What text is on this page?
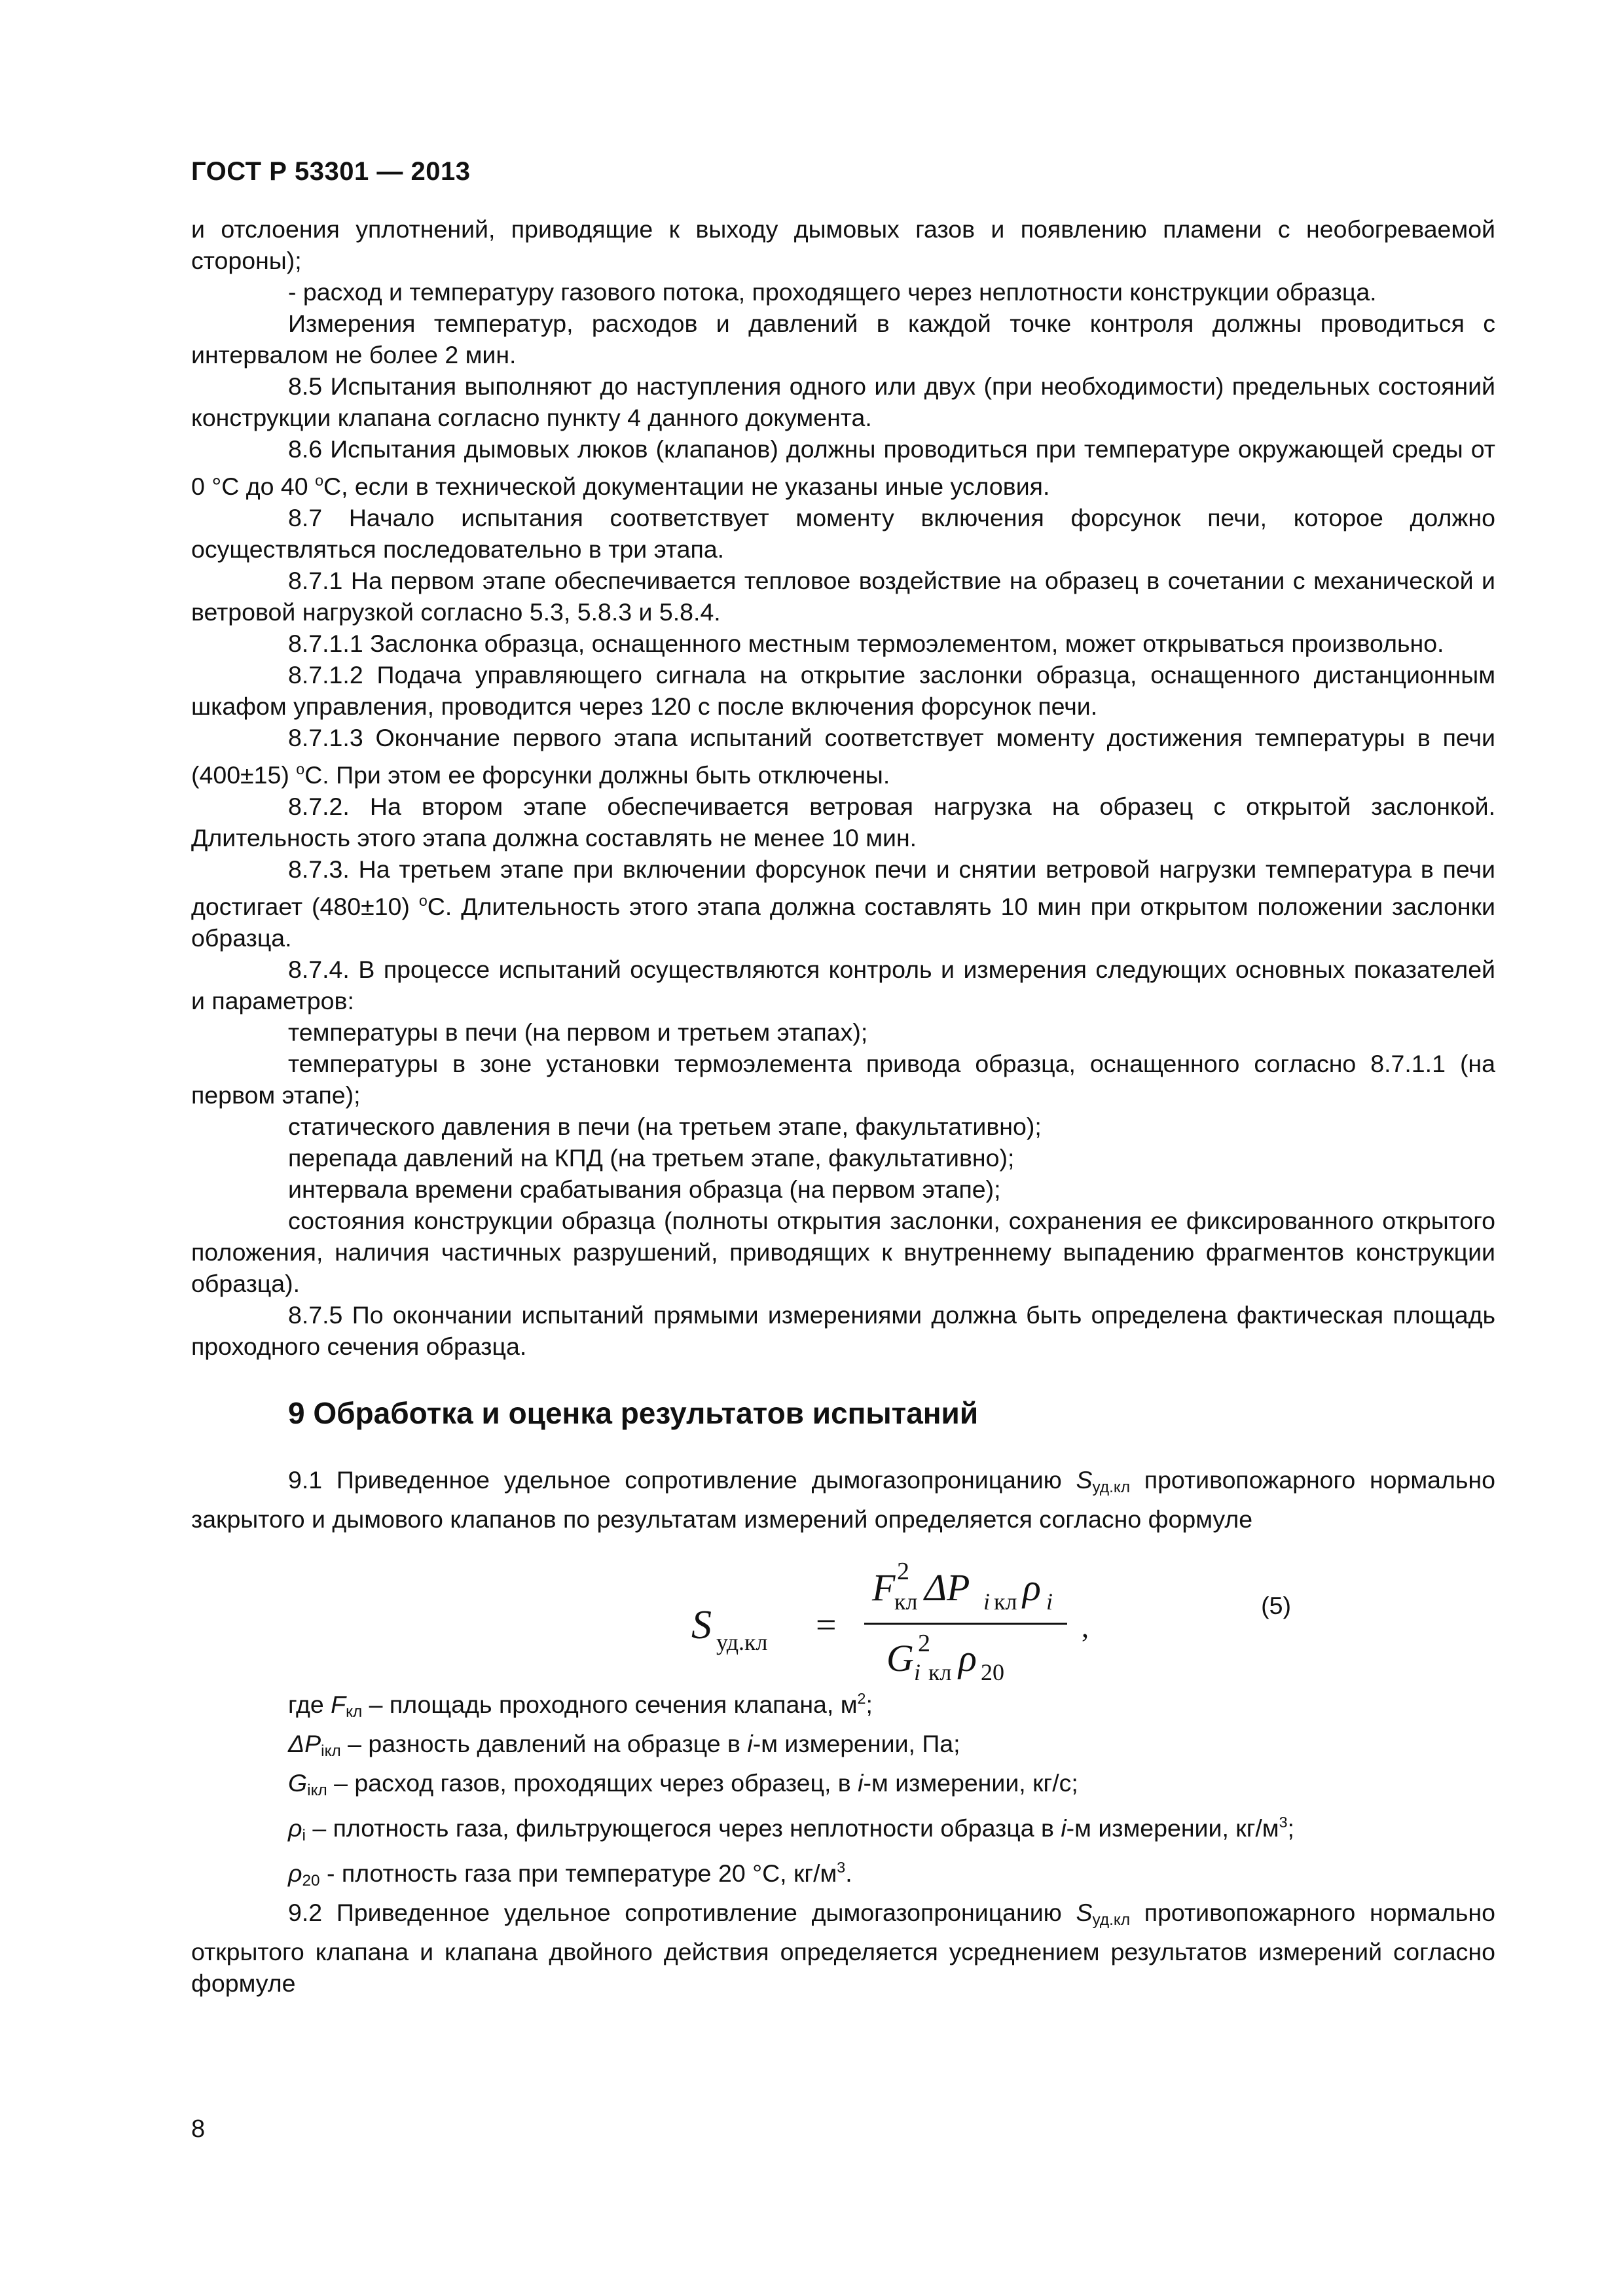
ГОСТ Р 53301 — 2013

и отслоения уплотнений, приводящие к выходу дымовых газов и появлению пламени с необогреваемой стороны);

- расход и температуру газового потока, проходящего через неплотности конструкции образца.

Измерения температур, расходов и давлений в каждой точке контроля должны проводиться с интервалом не более 2 мин.

8.5 Испытания выполняют до наступления одного или двух (при необходимости) предельных состояний конструкции клапана согласно пункту 4 данного документа.

8.6 Испытания дымовых люков (клапанов) должны проводиться при температуре окружающей среды от 0 °С до 40 $^о$С, если в технической документации не указаны иные условия.

8.7 Начало испытания соответствует моменту включения форсунок печи, которое должно осуществляться последовательно в три этапа.

8.7.1 На первом этапе обеспечивается тепловое воздействие на образец в сочетании с механической и ветровой нагрузкой согласно 5.3, 5.8.3 и 5.8.4.

8.7.1.1 Заслонка образца, оснащенного местным термоэлементом, может открываться произвольно.

8.7.1.2 Подача управляющего сигнала на открытие заслонки образца, оснащенного дистанционным шкафом управления, проводится через 120 с после включения форсунок печи.

8.7.1.3 Окончание первого этапа испытаний соответствует моменту достижения температуры в печи (400±15) $^о$С. При этом ее форсунки должны быть отключены.

8.7.2. На втором этапе обеспечивается ветровая нагрузка на образец с открытой заслонкой. Длительность этого этапа должна составлять не менее 10 мин.

8.7.3. На третьем этапе при включении форсунок печи и снятии ветровой нагрузки температура в печи достигает (480±10) $^о$С. Длительность этого этапа должна составлять 10 мин при открытом положении заслонки образца.

8.7.4. В процессе испытаний осуществляются контроль и измерения следующих основных показателей и параметров:

температуры в печи (на первом и третьем этапах);

температуры в зоне установки термоэлемента привода образца, оснащенного согласно 8.7.1.1 (на первом этапе);

статического давления в печи (на третьем этапе, факультативно);

перепада давлений на КПД (на третьем этапе, факультативно);

интервала времени срабатывания образца (на первом этапе);

состояния конструкции образца (полноты открытия заслонки, сохранения ее фиксированного открытого положения, наличия частичных разрушений, приводящих к внутреннему выпадению фрагментов конструкции образца).

8.7.5 По окончании испытаний прямыми измерениями должна быть определена фактическая площадь проходного сечения образца.

9 Обработка и оценка результатов испытаний

9.1 Приведенное удельное сопротивление дымогазопроницанию $S_{уд.кл}$ противопожарного нормально закрытого и дымового клапанов по результатам измерений определяется согласно формуле

F 2
кл ΔP i кл ρ i
S уд.кл =
G 2
i кл ρ 20
,
(5)

где $F_{кл}$ – площадь проходного сечения клапана, $м^2$;

$\Delta P_{iкл}$ – разность давлений на образце в i-м измерении, Па;

$G_{iкл}$ – расход газов, проходящих через образец, в i-м измерении, кг/с;

$\rho_i$ – плотность газа, фильтрующегося через неплотности образца в i-м измерении, $кг/м^3$;

$\rho_{20}$ - плотность газа при температуре 20 °С, $кг/м^3$.

9.2 Приведенное удельное сопротивление дымогазопроницанию $S_{уд.кл}$ противопожарного нормально открытого клапана и клапана двойного действия определяется усреднением результатов измерений согласно формуле

8
